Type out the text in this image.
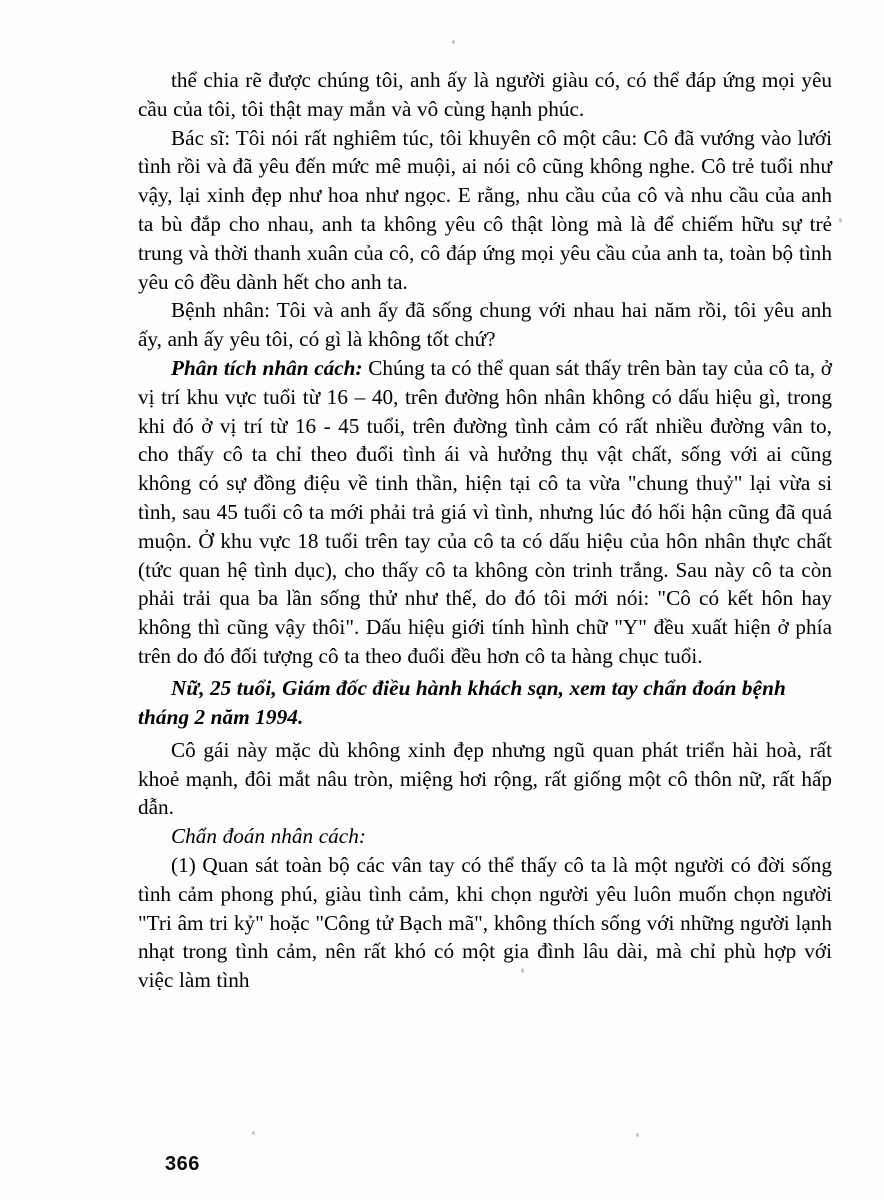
thể chia rẽ được chúng tôi, anh ấy là người giàu có, có thể đáp ứng mọi yêu cầu của tôi, tôi thật may mắn và vô cùng hạnh phúc.

Bác sĩ: Tôi nói rất nghiêm túc, tôi khuyên cô một câu: Cô đã vướng vào lưới tình rồi và đã yêu đến mức mê muội, ai nói cô cũng không nghe. Cô trẻ tuổi như vậy, lại xinh đẹp như hoa như ngọc. E rằng, nhu cầu của cô và nhu cầu của anh ta bù đắp cho nhau, anh ta không yêu cô thật lòng mà là để chiếm hữu sự trẻ trung và thời thanh xuân của cô, cô đáp ứng mọi yêu cầu của anh ta, toàn bộ tình yêu cô đều dành hết cho anh ta.

Bệnh nhân: Tôi và anh ấy đã sống chung với nhau hai năm rồi, tôi yêu anh ấy, anh ấy yêu tôi, có gì là không tốt chứ?

Phân tích nhân cách: Chúng ta có thể quan sát thấy trên bàn tay của cô ta, ở vị trí khu vực tuổi từ 16 – 40, trên đường hôn nhân không có dấu hiệu gì, trong khi đó ở vị trí từ 16 - 45 tuổi, trên đường tình cảm có rất nhiều đường vân to, cho thấy cô ta chỉ theo đuổi tình ái và hưởng thụ vật chất, sống với ai cũng không có sự đồng điệu về tinh thần, hiện tại cô ta vừa "chung thuỷ" lại vừa si tình, sau 45 tuổi cô ta mới phải trả giá vì tình, nhưng lúc đó hối hận cũng đã quá muộn. Ở khu vực 18 tuổi trên tay của cô ta có dấu hiệu của hôn nhân thực chất (tức quan hệ tình dục), cho thấy cô ta không còn trinh trắng. Sau này cô ta còn phải trải qua ba lần sống thử như thế, do đó tôi mới nói: "Cô có kết hôn hay không thì cũng vậy thôi". Dấu hiệu giới tính hình chữ "Y" đều xuất hiện ở phía trên do đó đối tượng cô ta theo đuổi đều hơn cô ta hàng chục tuổi.

Nữ, 25 tuổi, Giám đốc điều hành khách sạn, xem tay chẩn đoán bệnh tháng 2 năm 1994.

Cô gái này mặc dù không xinh đẹp nhưng ngũ quan phát triển hài hoà, rất khoẻ mạnh, đôi mắt nâu tròn, miệng hơi rộng, rất giống một cô thôn nữ, rất hấp dẫn.

Chẩn đoán nhân cách:

(1) Quan sát toàn bộ các vân tay có thể thấy cô ta là một người có đời sống tình cảm phong phú, giàu tình cảm, khi chọn người yêu luôn muốn chọn người "Tri âm tri kỷ" hoặc "Công tử Bạch mã", không thích sống với những người lạnh nhạt trong tình cảm, nên rất khó có một gia đình lâu dài, mà chỉ phù hợp với việc làm tình

366
